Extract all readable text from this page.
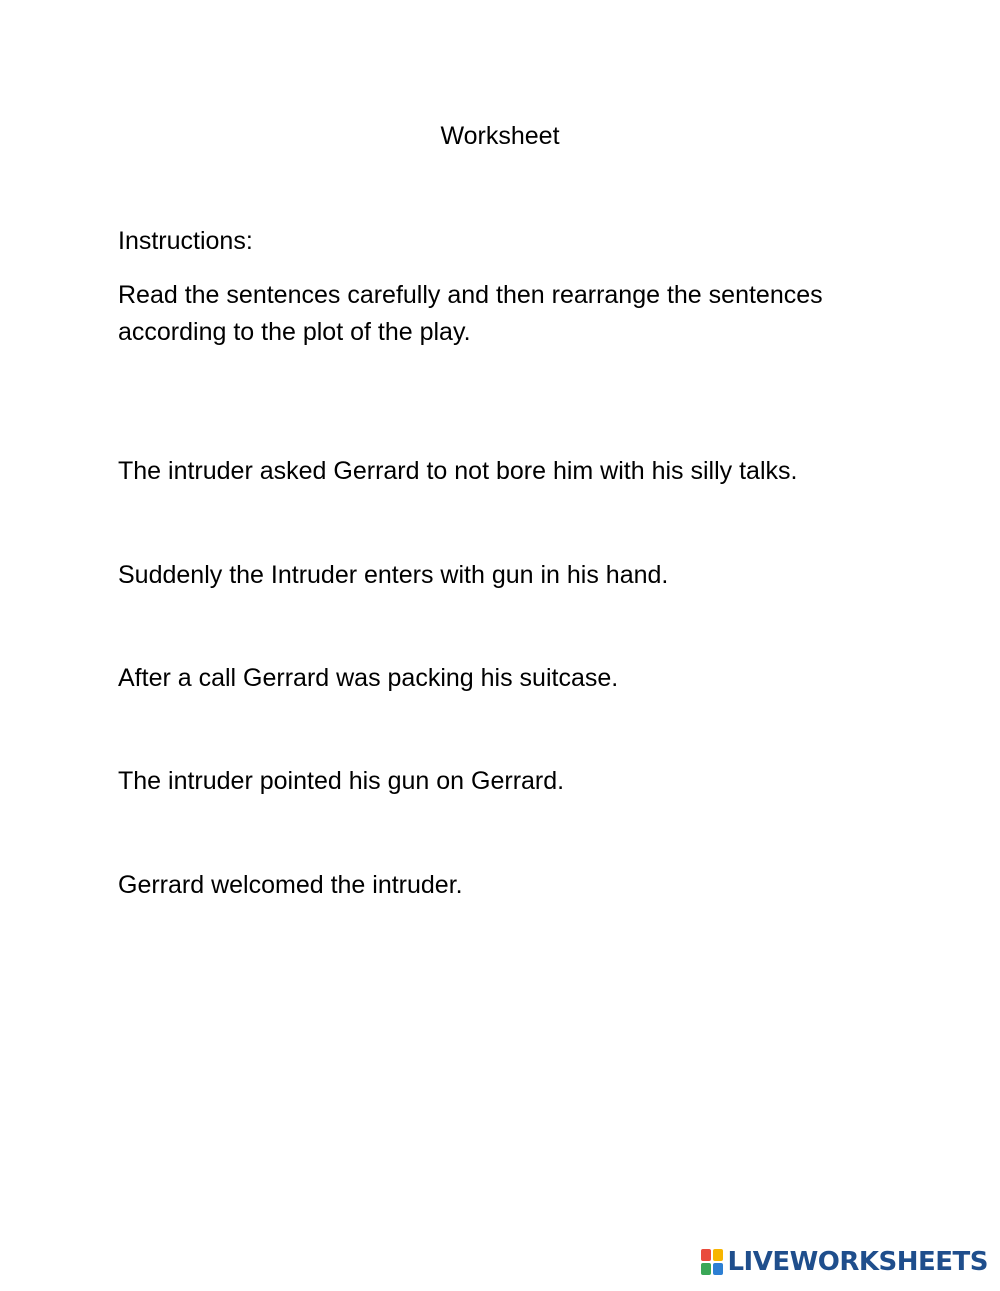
Worksheet
Instructions:
Read the sentences carefully and then rearrange the sentences according to the plot of the play.
The intruder asked Gerrard to not bore him with his silly talks.
Suddenly the Intruder enters with gun in his hand.
After a call Gerrard was packing his suitcase.
The intruder pointed his gun on Gerrard.
Gerrard welcomed the intruder.
LIVEWORKSHEETS
